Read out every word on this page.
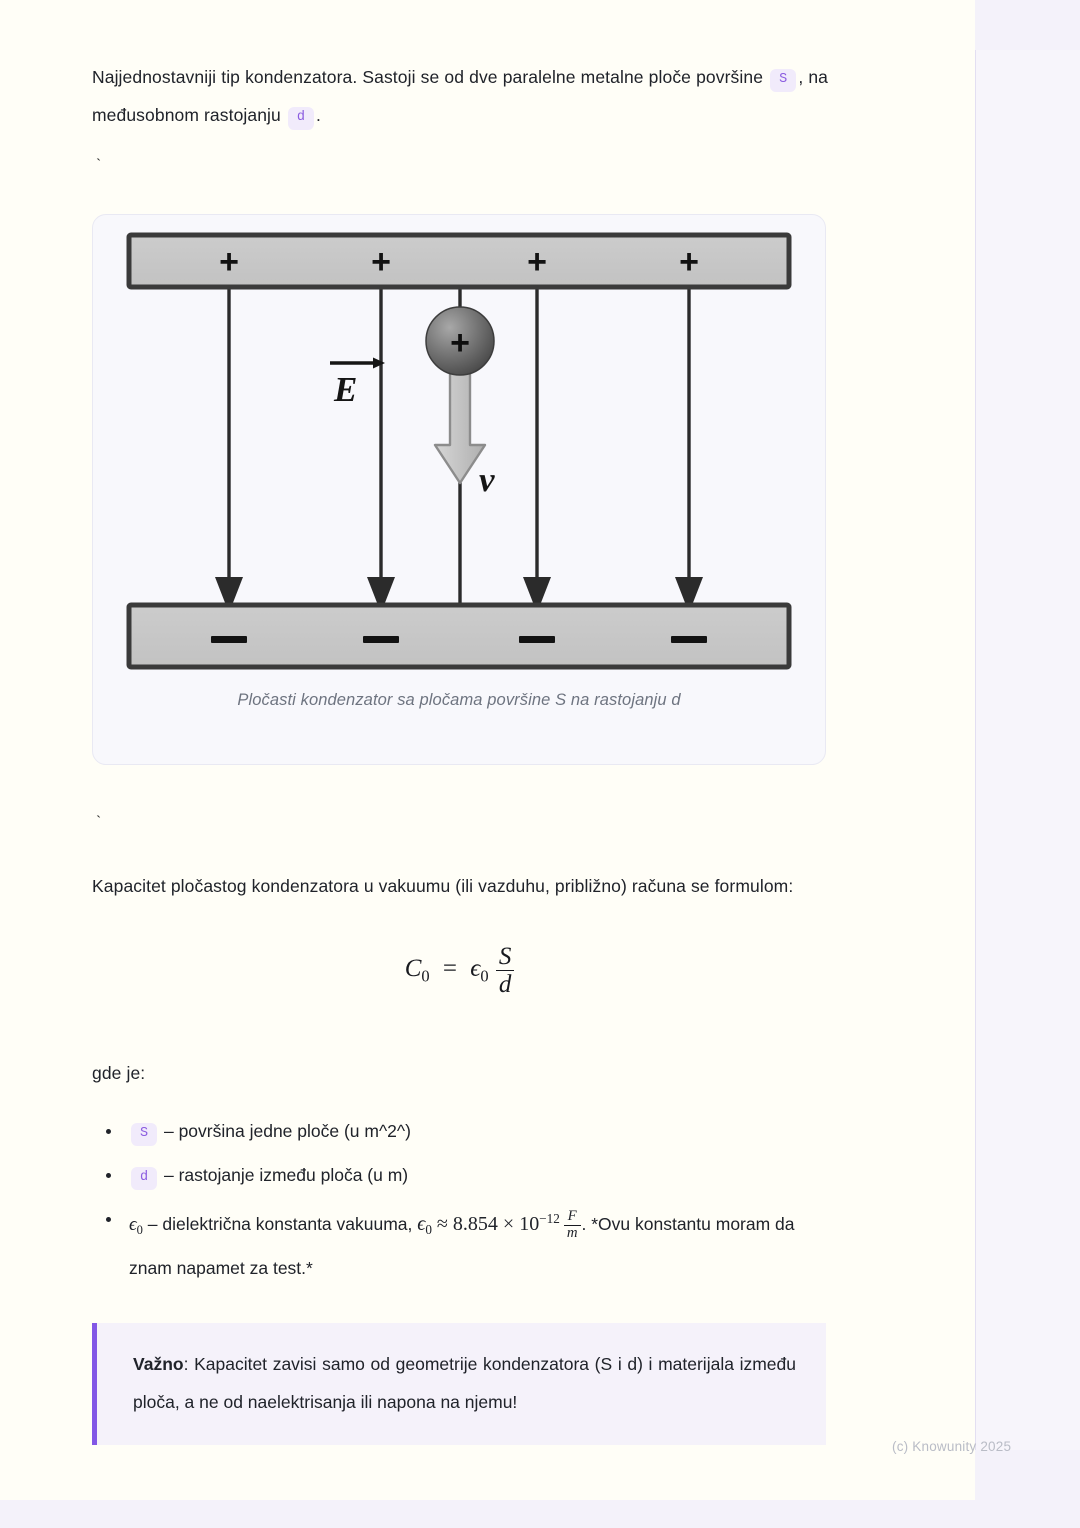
Najjednostavniji tip kondenzatora. Sastoji se od dve paralelne metalne ploče površine S , na međusobnom rastojanju d .

`
+	+	+	+
+
E
v
Pločasti kondenzator sa pločama površine S na rastojanju d
`

Kapacitet pločastog kondenzatora u vakuumu (ili vazduhu, približno) računa se formulom:

$C_0 = \epsilon_0 \frac{S}{d}$

gde je:

S – površina jedne ploče (u m^2^)
d – rastojanje između ploča (u m)
$\epsilon_0$ – dielektrična konstanta vakuuma, $\epsilon_0 \approx 8.854 \times 10^{-12} \frac{F}{m}$ . *Ovu konstantu moram da znam napamet za test.*
Važno: Kapacitet zavisi samo od geometrije kondenzatora (S i d) i materijala između ploča, a ne od naelektrisanja ili napona na njemu!
(c) Knowunity 2025
